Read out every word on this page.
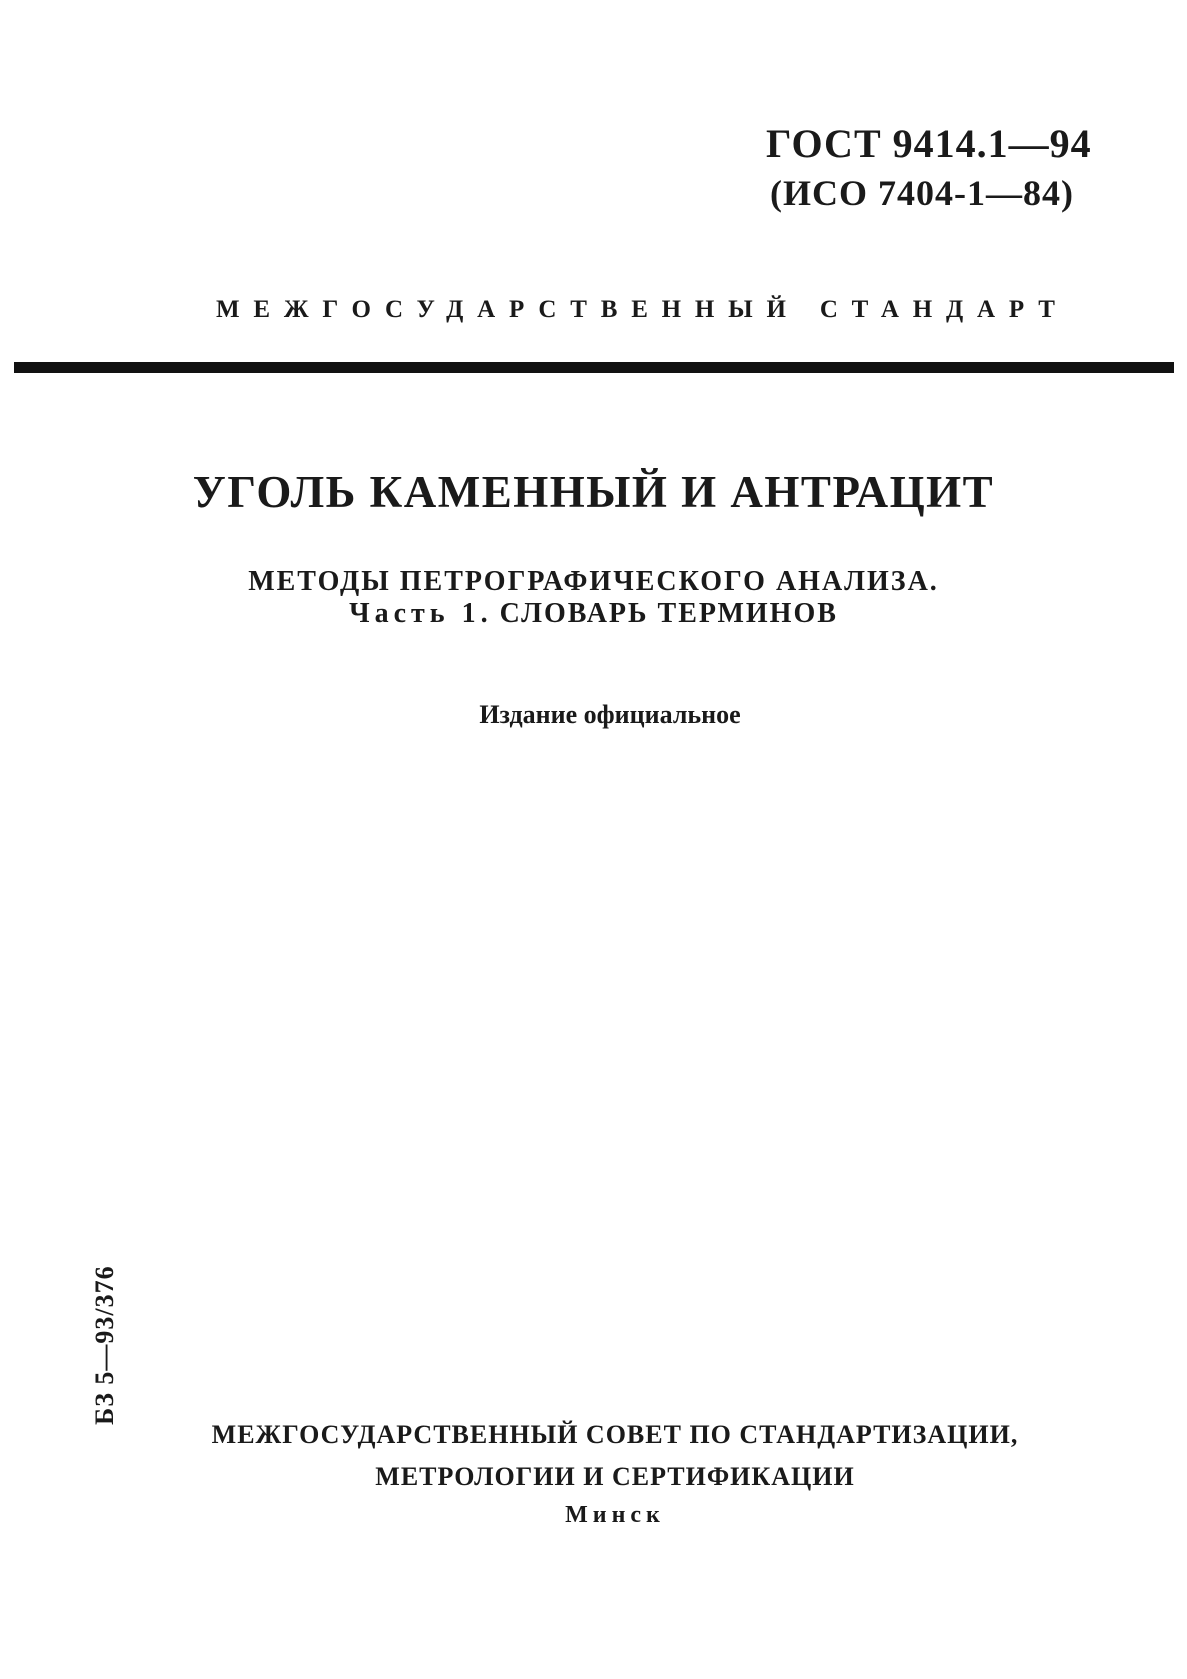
ГОСТ 9414.1—94
(ИСО 7404-1—84)
МЕЖГОСУДАРСТВЕННЫЙ СТАНДАРТ
УГОЛЬ КАМЕННЫЙ И АНТРАЦИТ
МЕТОДЫ ПЕТРОГРАФИЧЕСКОГО АНАЛИЗА.
Часть 1. СЛОВАРЬ ТЕРМИНОВ
Издание официальное
БЗ 5—93/376
МЕЖГОСУДАРСТВЕННЫЙ СОВЕТ ПО СТАНДАРТИЗАЦИИ,
МЕТРОЛОГИИ И СЕРТИФИКАЦИИ
Минск
